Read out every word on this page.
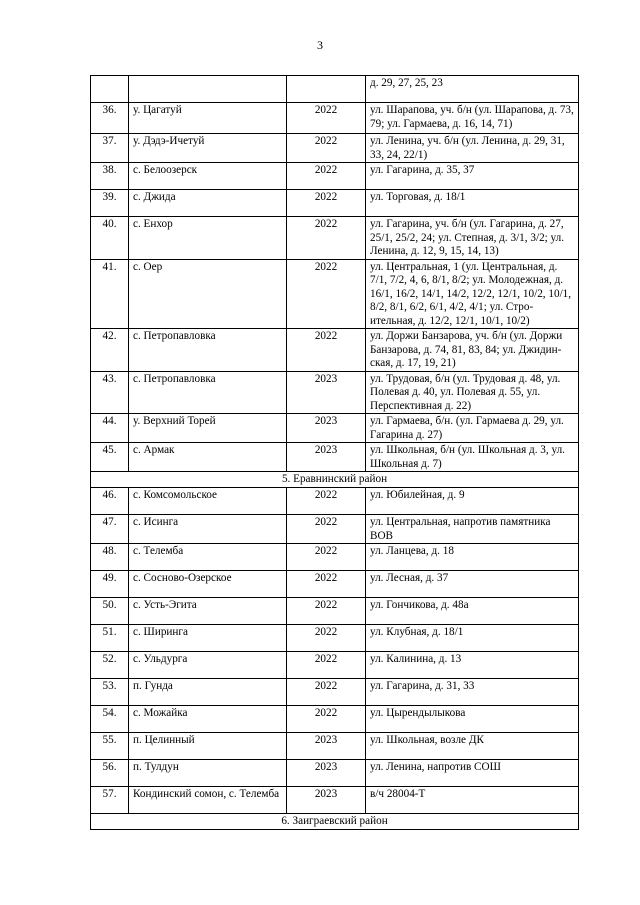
3
			д. 29, 27, 25, 23
36.	у. Цагатуй	2022	ул. Шарапова, уч. б/н (ул. Шарапова, д. 73, 79; ул. Гармаева, д. 16, 14, 71)
37.	у. Дэдэ-Ичетуй	2022	ул. Ленина, уч. б/н (ул. Ленина, д. 29, 31, 33, 24, 22/1)
38.	с. Белоозерск	2022	ул. Гагарина, д. 35, 37
39.	с. Джида	2022	ул. Торговая, д. 18/1
40.	с. Енхор	2022	ул. Гагарина, уч. б/н (ул. Гагарина, д. 27, 25/1, 25/2, 24; ул. Степная, д. 3/1, 3/2; ул. Ленина, д. 12, 9, 15, 14, 13)
41.	с. Оер	2022	ул. Центральная, 1 (ул. Центральная, д. 7/1, 7/2, 4, 6, 8/1, 8/2; ул. Молодежная, д. 16/1, 16/2, 14/1, 14/2, 12/2, 12/1, 10/2, 10/1, 8/2, 8/1, 6/2, 6/1, 4/2, 4/1; ул. Стро-ительная, д. 12/2, 12/1, 10/1, 10/2)
42.	с. Петропавловка	2022	ул. Доржи Банзарова, уч. б/н (ул. Доржи Банзарова, д. 74, 81, 83, 84; ул. Джидин-ская, д. 17, 19, 21)
43.	с. Петропавловка	2023	ул. Трудовая, б/н (ул. Трудовая д. 48, ул. Полевая д. 40, ул. Полевая д. 55, ул. Перспективная д. 22)
44.	у. Верхний Торей	2023	ул. Гармаева, б/н. (ул. Гармаева д. 29, ул. Гагарина д. 27)
45.	с. Армак	2023	ул. Школьная, б/н (ул. Школьная д. 3, ул. Школьная д. 7)
5. Еравнинский район			
46.	с. Комсомольское	2022	ул. Юбилейная, д. 9
47.	с. Исинга	2022	ул. Центральная, напротив памятника ВОВ
48.	с. Телемба	2022	ул. Ланцева, д. 18
49.	с. Сосново-Озерское	2022	ул. Лесная, д. 37
50.	с. Усть-Эгита	2022	ул. Гончикова, д. 48а
51.	с. Ширинга	2022	ул. Клубная, д. 18/1
52.	с. Ульдурга	2022	ул. Калинина, д. 13
53.	п. Гунда	2022	ул. Гагарина, д. 31, 33
54.	с. Можайка	2022	ул. Цырендылыкова
55.	п. Целинный	2023	ул. Школьная, возле ДК
56.	п. Тулдун	2023	ул. Ленина, напротив СОШ
57.	Кондинский сомон, с. Телемба	2023	в/ч 28004-Т
6. Заиграевский район			
